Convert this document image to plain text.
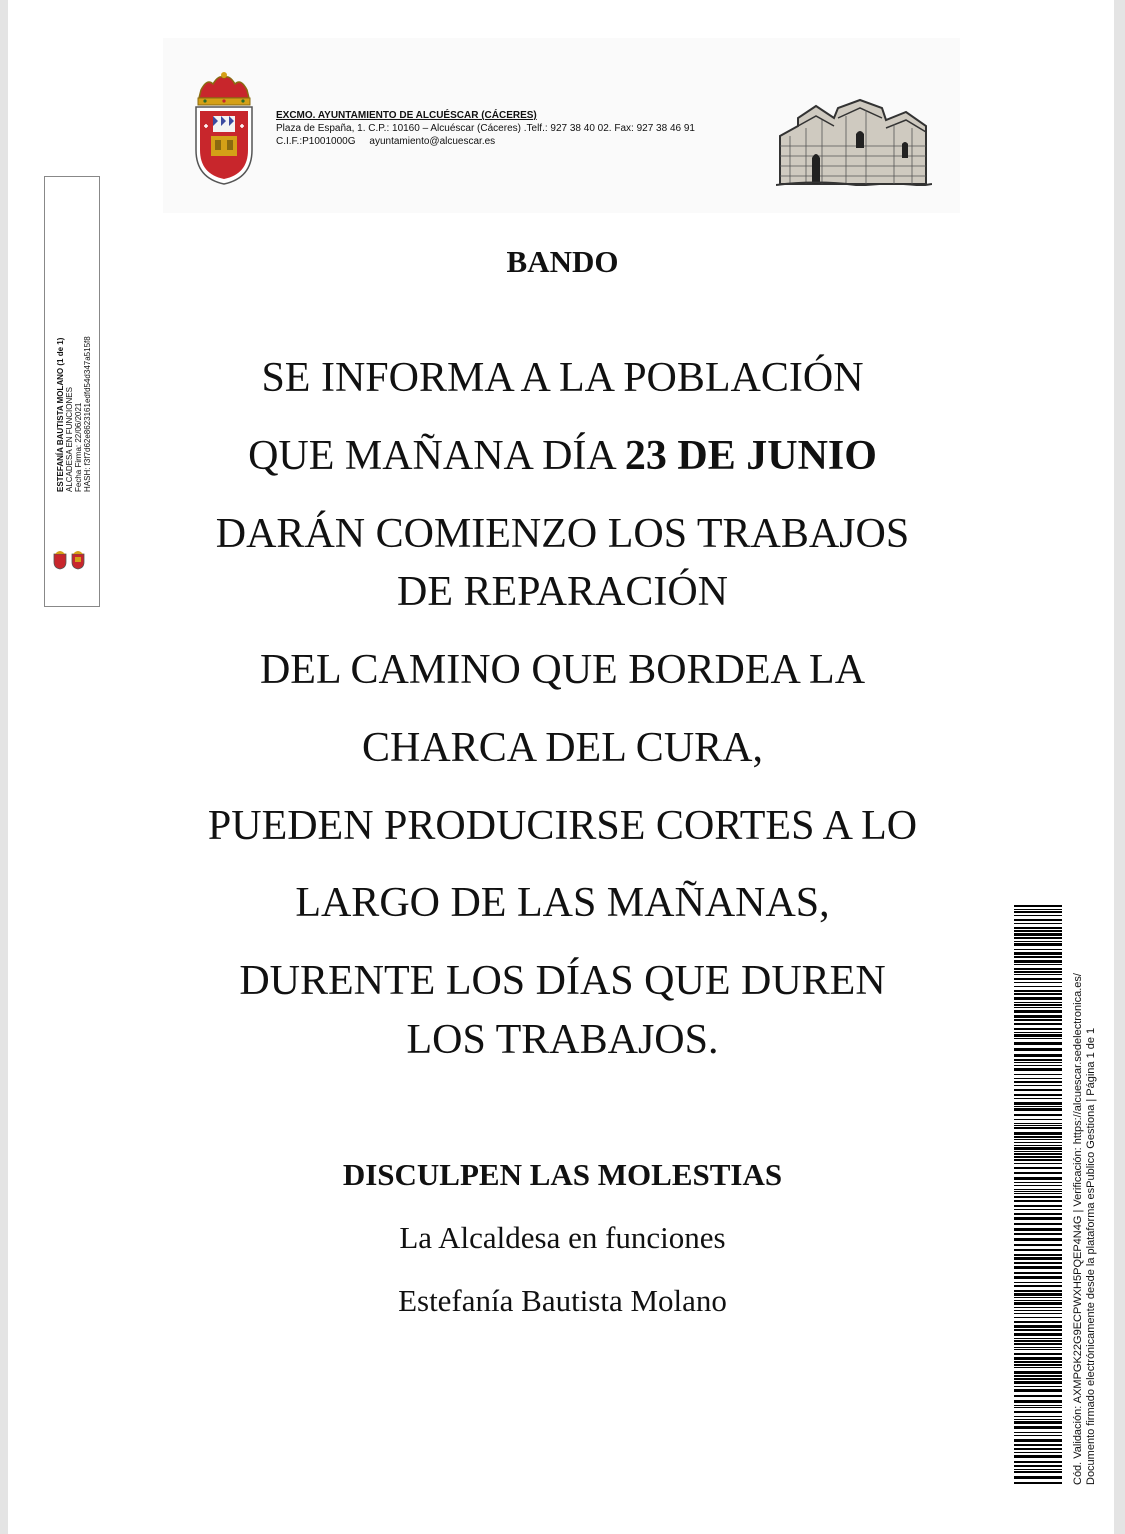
EXCMO. AYUNTAMIENTO DE ALCUÉSCAR (CÁCERES)
Plaza de España, 1. C.P.: 10160 – Alcuéscar (Cáceres) .Telf.: 927 38 40 02. Fax: 927 38 46 91
C.I.F.:P1001000G     ayuntamiento@alcuescar.es
ESTEFANÍA BAUTISTA MOLANO (1 de 1) ALCADESA EN FUNCIONES Fecha Firma: 22/06/2021 HASH: f3f7d62e8623161edfd54d347a515f8
BANDO
SE INFORMA A LA POBLACIÓN
QUE MAÑANA DÍA 23 DE JUNIO
DARÁN COMIENZO LOS TRABAJOS
DE REPARACIÓN
DEL CAMINO QUE BORDEA LA
CHARCA DEL CURA,
PUEDEN PRODUCIRSE CORTES A LO
LARGO DE LAS MAÑANAS,
DURENTE LOS DÍAS QUE DUREN
LOS TRABAJOS.
DISCULPEN LAS MOLESTIAS
La Alcaldesa en funciones
Estefanía Bautista Molano	Cód. Validación: AXMPGK22G9ECPWXH5PQEP4N4G | Verificación: https://alcuescar.sedelectronica.es/ Documento firmado electrónicamente desde la plataforma esPublico Gestiona | Página 1 de 1
